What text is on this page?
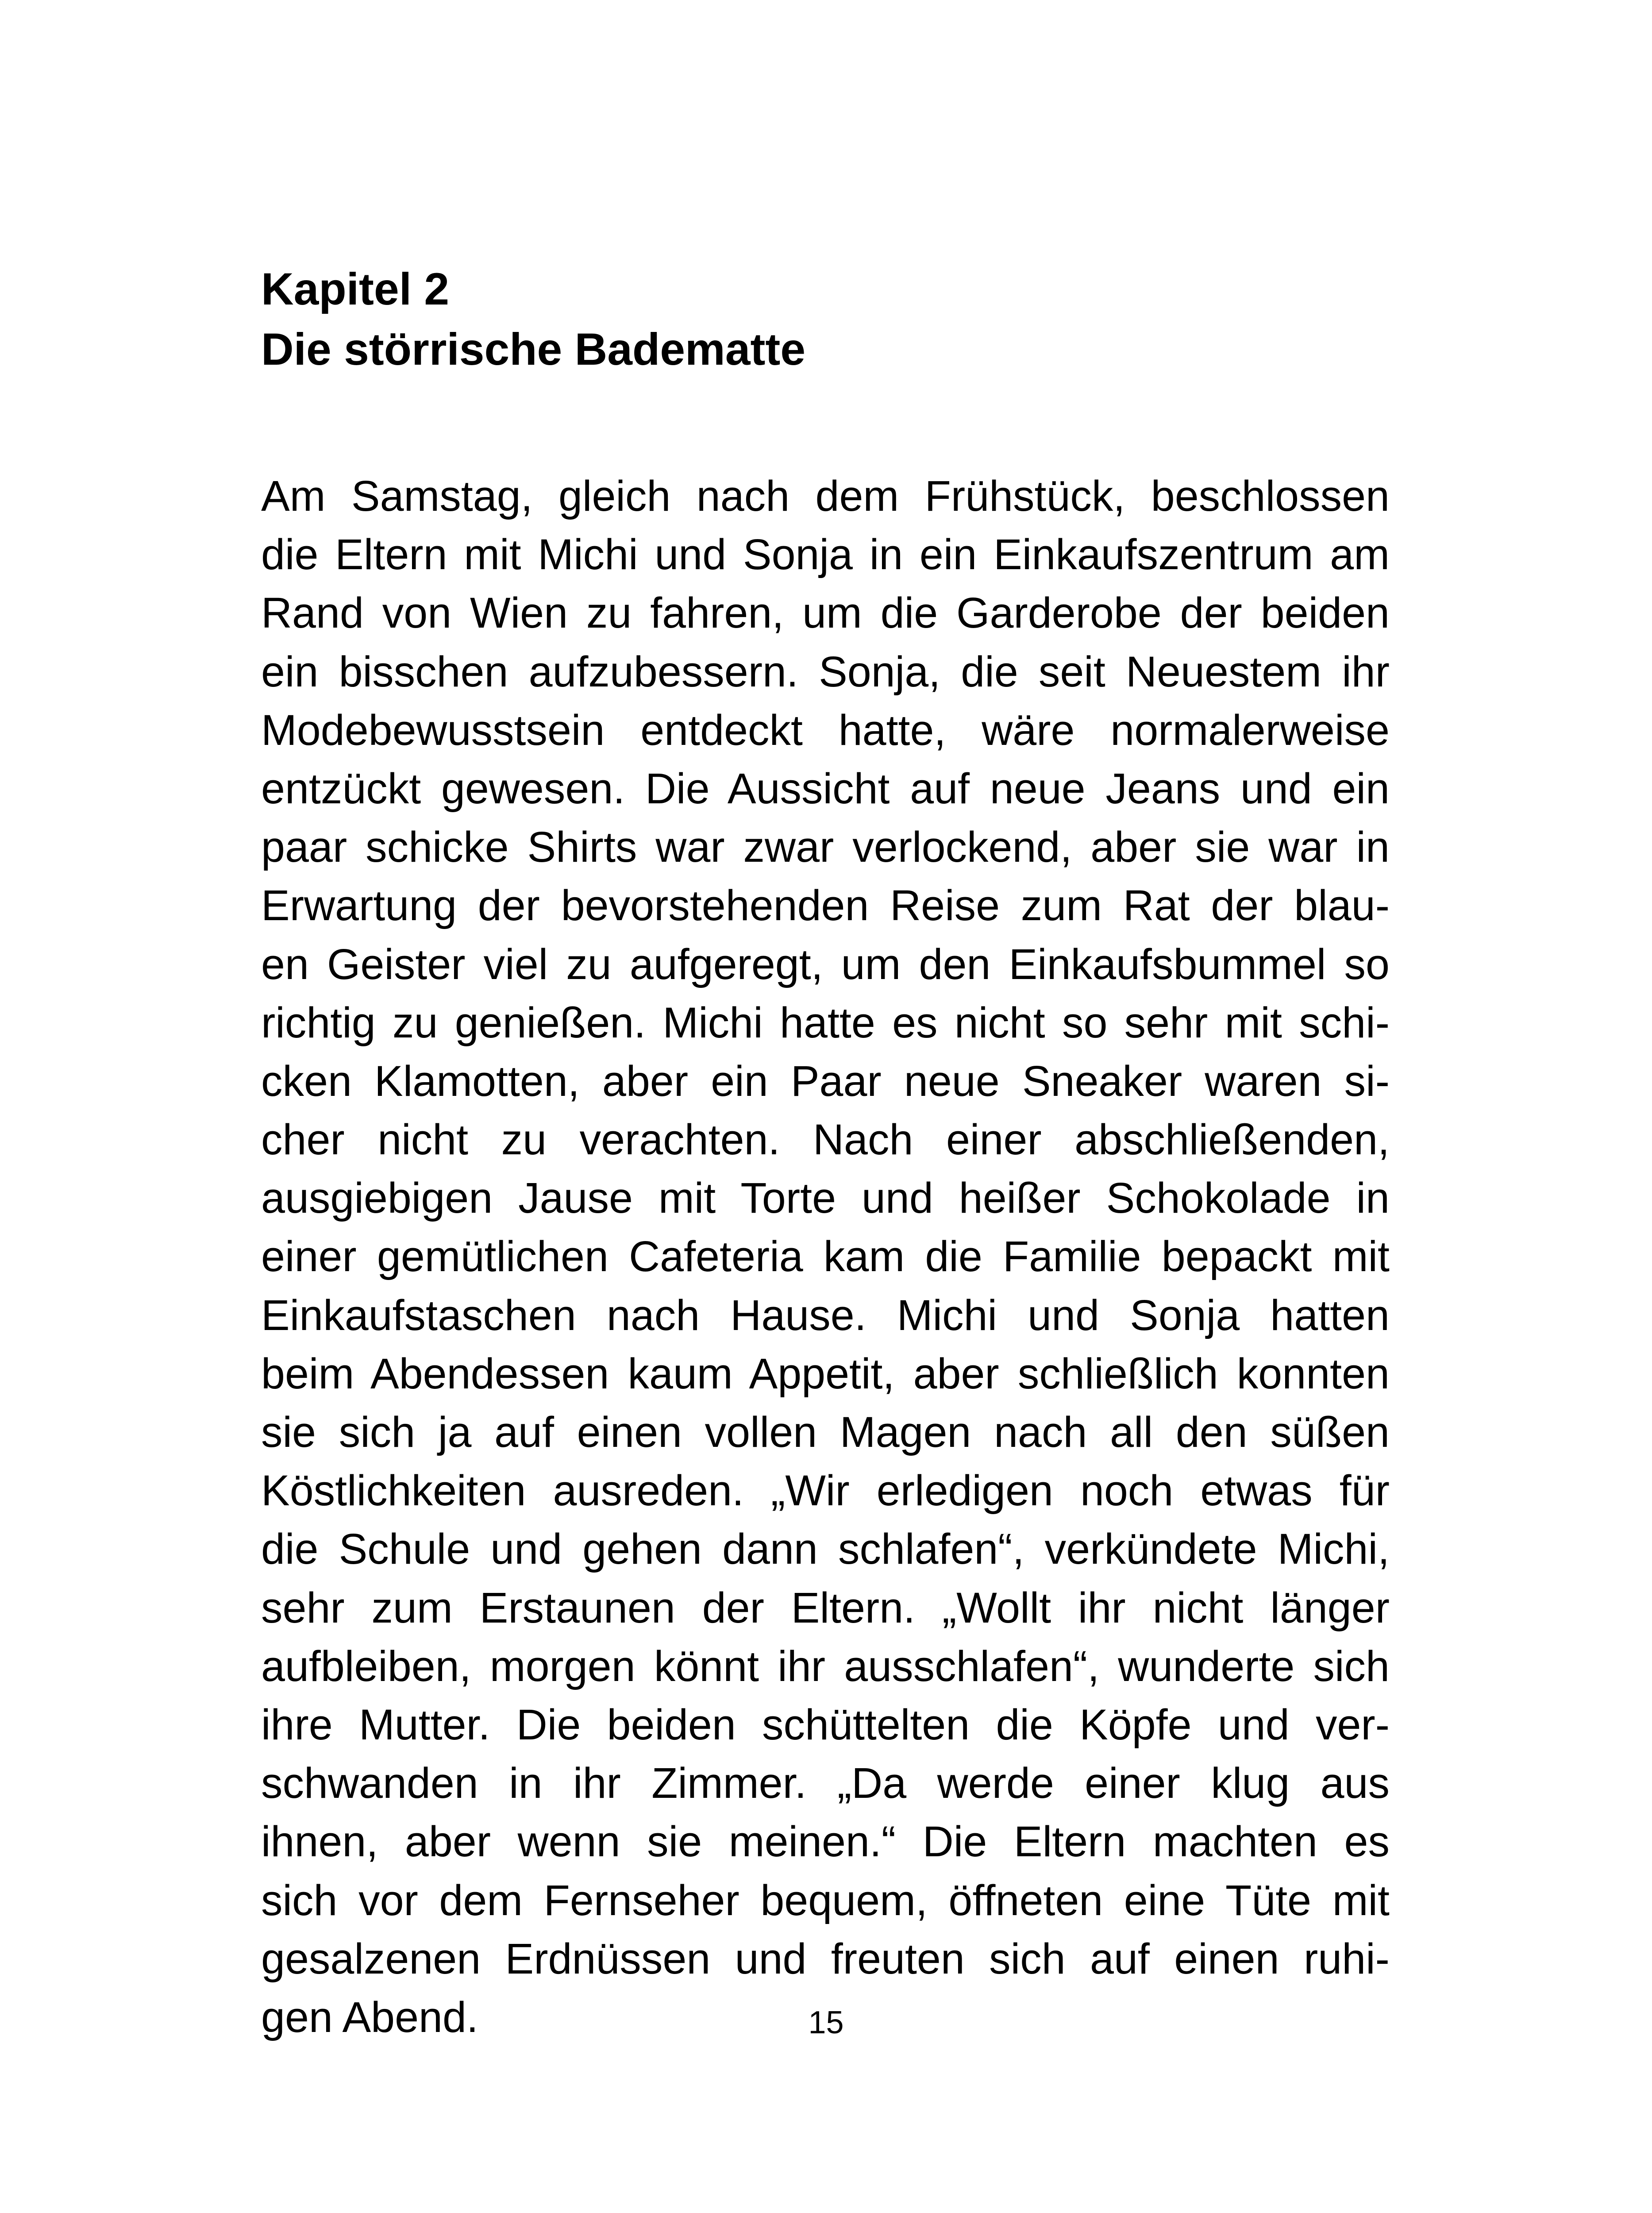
Kapitel 2
Die störrische Badematte
Am Samstag, gleich nach dem Frühstück, beschlossen
die Eltern mit Michi und Sonja in ein Einkaufszentrum am
Rand von Wien zu fahren, um die Garderobe der beiden
ein bisschen aufzubessern. Sonja, die seit Neuestem ihr
Modebewusstsein entdeckt hatte, wäre normalerweise
entzückt gewesen. Die Aussicht auf neue Jeans und ein
paar schicke Shirts war zwar verlockend, aber sie war in
Erwartung der bevorstehenden Reise zum Rat der blau-
en Geister viel zu aufgeregt, um den Einkaufsbummel so
richtig zu genießen. Michi hatte es nicht so sehr mit schi-
cken Klamotten, aber ein Paar neue Sneaker waren si-
cher nicht zu verachten. Nach einer abschließenden,
ausgiebigen Jause mit Torte und heißer Schokolade in
einer gemütlichen Cafeteria kam die Familie bepackt mit
Einkaufstaschen nach Hause. Michi und Sonja hatten
beim Abendessen kaum Appetit, aber schließlich konnten
sie sich ja auf einen vollen Magen nach all den süßen
Köstlichkeiten ausreden. „Wir erledigen noch etwas für
die Schule und gehen dann schlafen“, verkündete Michi,
sehr zum Erstaunen der Eltern. „Wollt ihr nicht länger
aufbleiben, morgen könnt ihr ausschlafen“, wunderte sich
ihre Mutter. Die beiden schüttelten die Köpfe und ver-
schwanden in ihr Zimmer. „Da werde einer klug aus
ihnen, aber wenn sie meinen.“ Die Eltern machten es
sich vor dem Fernseher bequem, öffneten eine Tüte mit
gesalzenen Erdnüssen und freuten sich auf einen ruhi-
gen Abend.	15
